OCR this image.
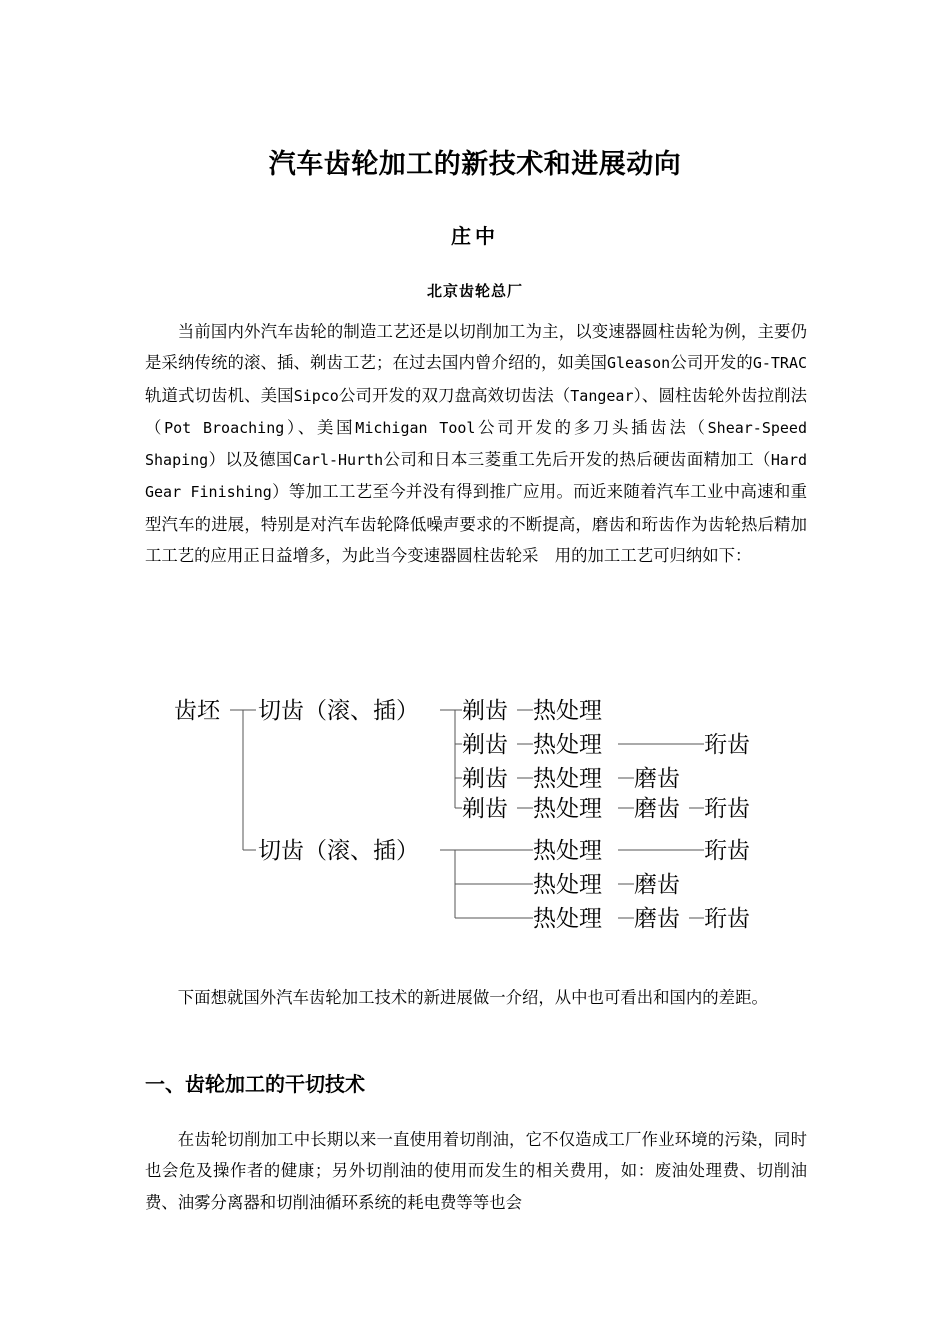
汽车齿轮加工的新技术和进展动向
庄中
北京齿轮总厂

当前国内外汽车齿轮的制造工艺还是以切削加工为主，以变速器圆柱齿轮为例，主要仍是采纳传统的滚、插、剃齿工艺；在过去国内曾介绍的，如美国Gleason公司开发的G-TRAC轨道式切齿机、美国Sipco公司开发的双刀盘高效切齿法（Tangear）、圆柱齿轮外齿拉削法（Pot Broaching）、美国Michigan Tool公司开发的多刀头插齿法（Shear-Speed Shaping）以及德国Carl-Hurth公司和日本三菱重工先后开发的热后硬齿面精加工（Hard Gear Finishing）等加工工艺至今并没有得到推广应用。而近来随着汽车工业中高速和重型汽车的进展，特别是对汽车齿轮降低噪声要求的不断提高，磨齿和珩齿作为齿轮热后精加工工艺的应用正日益增多，为此当今变速器圆柱齿轮采　用的加工工艺可归纳如下：

齿坯 切齿（滚、插） 剃齿 热处理
剃齿 热处理	珩齿
剃齿 热处理 磨齿
剃齿 热处理 磨齿 珩齿
切齿（滚、插）	热处理	珩齿
热处理 磨齿
热处理 磨齿 珩齿

下面想就国外汽车齿轮加工技术的新进展做一介绍，从中也可看出和国内的差距。

一、齿轮加工的干切技术

在齿轮切削加工中长期以来一直使用着切削油，它不仅造成工厂作业环境的污染，同时也会危及操作者的健康；另外切削油的使用而发生的相关费用，如：废油处理费、切削油费、油雾分离器和切削油循环系统的耗电费等等也会
